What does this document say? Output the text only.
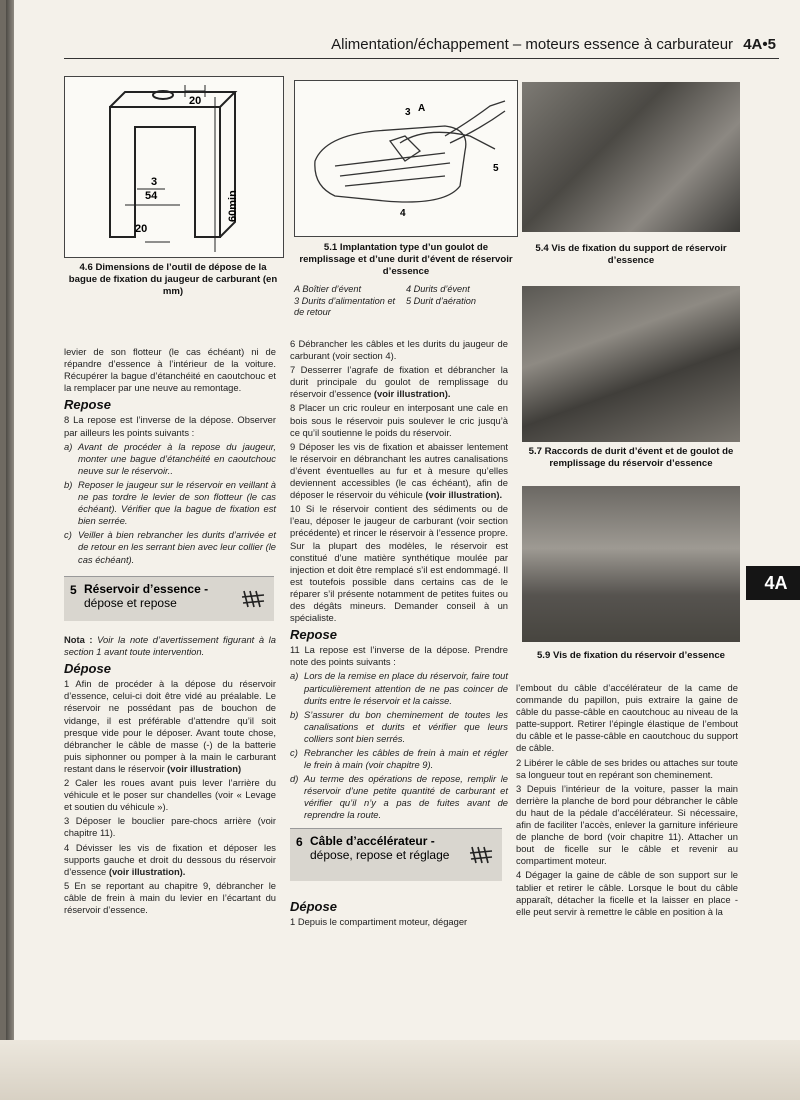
Alimentation/échappement – moteurs essence à carburateur 4A•5
20
3
54
20
60min
4.6 Dimensions de l’outil de dépose de la bague de fixation du jaugeur de carburant (en mm)
A
3
5
4
5.1 Implantation type d’un goulot de remplissage et d’une durit d’évent de réservoir d’essence
A Boîtier d’évent
3 Durits d’alimentation et de retour
4 Durits d’évent
5 Durit d’aération
5.4 Vis de fixation du support de réservoir d’essence
5.7 Raccords de durit d’évent et de goulot de remplissage du réservoir d’essence
5.9 Vis de fixation du réservoir d’essence
4A

levier de son flotteur (le cas échéant) ni de répandre d’essence à l’intérieur de la voiture. Récupérer la bague d’étanchéité en caoutchouc et la remplacer par une neuve au remontage.

Repose

8 La repose est l’inverse de la dépose. Observer par ailleurs les points suivants :

a) Avant de procéder à la repose du jaugeur, monter une bague d’étanchéité en caoutchouc neuve sur le réservoir..
b) Reposer le jaugeur sur le réservoir en veillant à ne pas tordre le levier de son flotteur (le cas échéant). Vérifier que la bague de fixation est bien serrée.
c) Veiller à bien rebrancher les durits d’arrivée et de retour en les serrant bien avec leur collier (le cas échéant).
5 Réservoir d’essence -
dépose et repose

Nota : Voir la note d’avertissement figurant à la section 1 avant toute intervention.

Dépose

1 Afin de procéder à la dépose du réservoir d’essence, celui-ci doit être vidé au préalable. Le réservoir ne possédant pas de bouchon de vidange, il est préférable d’attendre qu’il soit presque vide pour le déposer. Avant toute chose, débrancher le câble de masse (-) de la batterie puis siphonner ou pomper à la main le carburant restant dans le réservoir (voir illustration)

2 Caler les roues avant puis lever l’arrière du véhicule et le poser sur chandelles (voir « Levage et soutien du véhicule »).

3 Déposer le bouclier pare-chocs arrière (voir chapitre 11).

4 Dévisser les vis de fixation et déposer les supports gauche et droit du dessous du réservoir d’essence (voir illustration).

5 En se reportant au chapitre 9, débrancher le câble de frein à main du levier en l’écartant du réservoir d’essence.

6 Débrancher les câbles et les durits du jaugeur de carburant (voir section 4).

7 Desserrer l’agrafe de fixation et débrancher la durit principale du goulot de remplissage du réservoir d’essence (voir illustration).

8 Placer un cric rouleur en interposant une cale en bois sous le réservoir puis soulever le cric jusqu’à ce qu’il soutienne le poids du réservoir.

9 Déposer les vis de fixation et abaisser lentement le réservoir en débranchant les autres canalisations d’évent éventuelles au fur et à mesure qu’elles deviennent accessibles (le cas échéant), afin de déposer le réservoir du véhicule (voir illustration).

10 Si le réservoir contient des sédiments ou de l’eau, déposer le jaugeur de carburant (voir section précédente) et rincer le réservoir à l’essence propre. Sur la plupart des modèles, le réservoir est constitué d’une matière synthétique moulée par injection et doit être remplacé s’il est endommagé. Il est toutefois possible dans certains cas de le réparer s’il présente notamment de petites fuites ou des dégâts mineurs. Demander conseil à un spécialiste.

Repose

11 La repose est l’inverse de la dépose. Prendre note des points suivants :

a) Lors de la remise en place du réservoir, faire tout particulièrement attention de ne pas coincer de durits entre le réservoir et la caisse.
b) S’assurer du bon cheminement de toutes les canalisations et durits et vérifier que leurs colliers sont bien serrés.
c) Rebrancher les câbles de frein à main et régler le frein à main (voir chapitre 9).
d) Au terme des opérations de repose, remplir le réservoir d’une petite quantité de carburant et vérifier qu’il n’y a pas de fuites avant de reprendre la route.
6 Câble d’accélérateur -
dépose, repose et réglage
Dépose

1 Depuis le compartiment moteur, dégager

l’embout du câble d’accélérateur de la came de commande du papillon, puis extraire la gaine de câble du passe-câble en caoutchouc au niveau de la patte-support. Retirer l’épingle élastique de l’embout du câble et le passe-câble en caoutchouc du support de câble.

2 Libérer le câble de ses brides ou attaches sur toute sa longueur tout en repérant son cheminement.

3 Depuis l’intérieur de la voiture, passer la main derrière la planche de bord pour débrancher le câble du haut de la pédale d’accélérateur. Si nécessaire, afin de faciliter l’accès, enlever la garniture inférieure de planche de bord (voir chapitre 11). Attacher un bout de ficelle sur le câble et revenir au compartiment moteur.

4 Dégager la gaine de câble de son support sur le tablier et retirer le câble. Lorsque le bout du câble apparaît, détacher la ficelle et la laisser en place - elle peut servir à remettre le câble en position à la
